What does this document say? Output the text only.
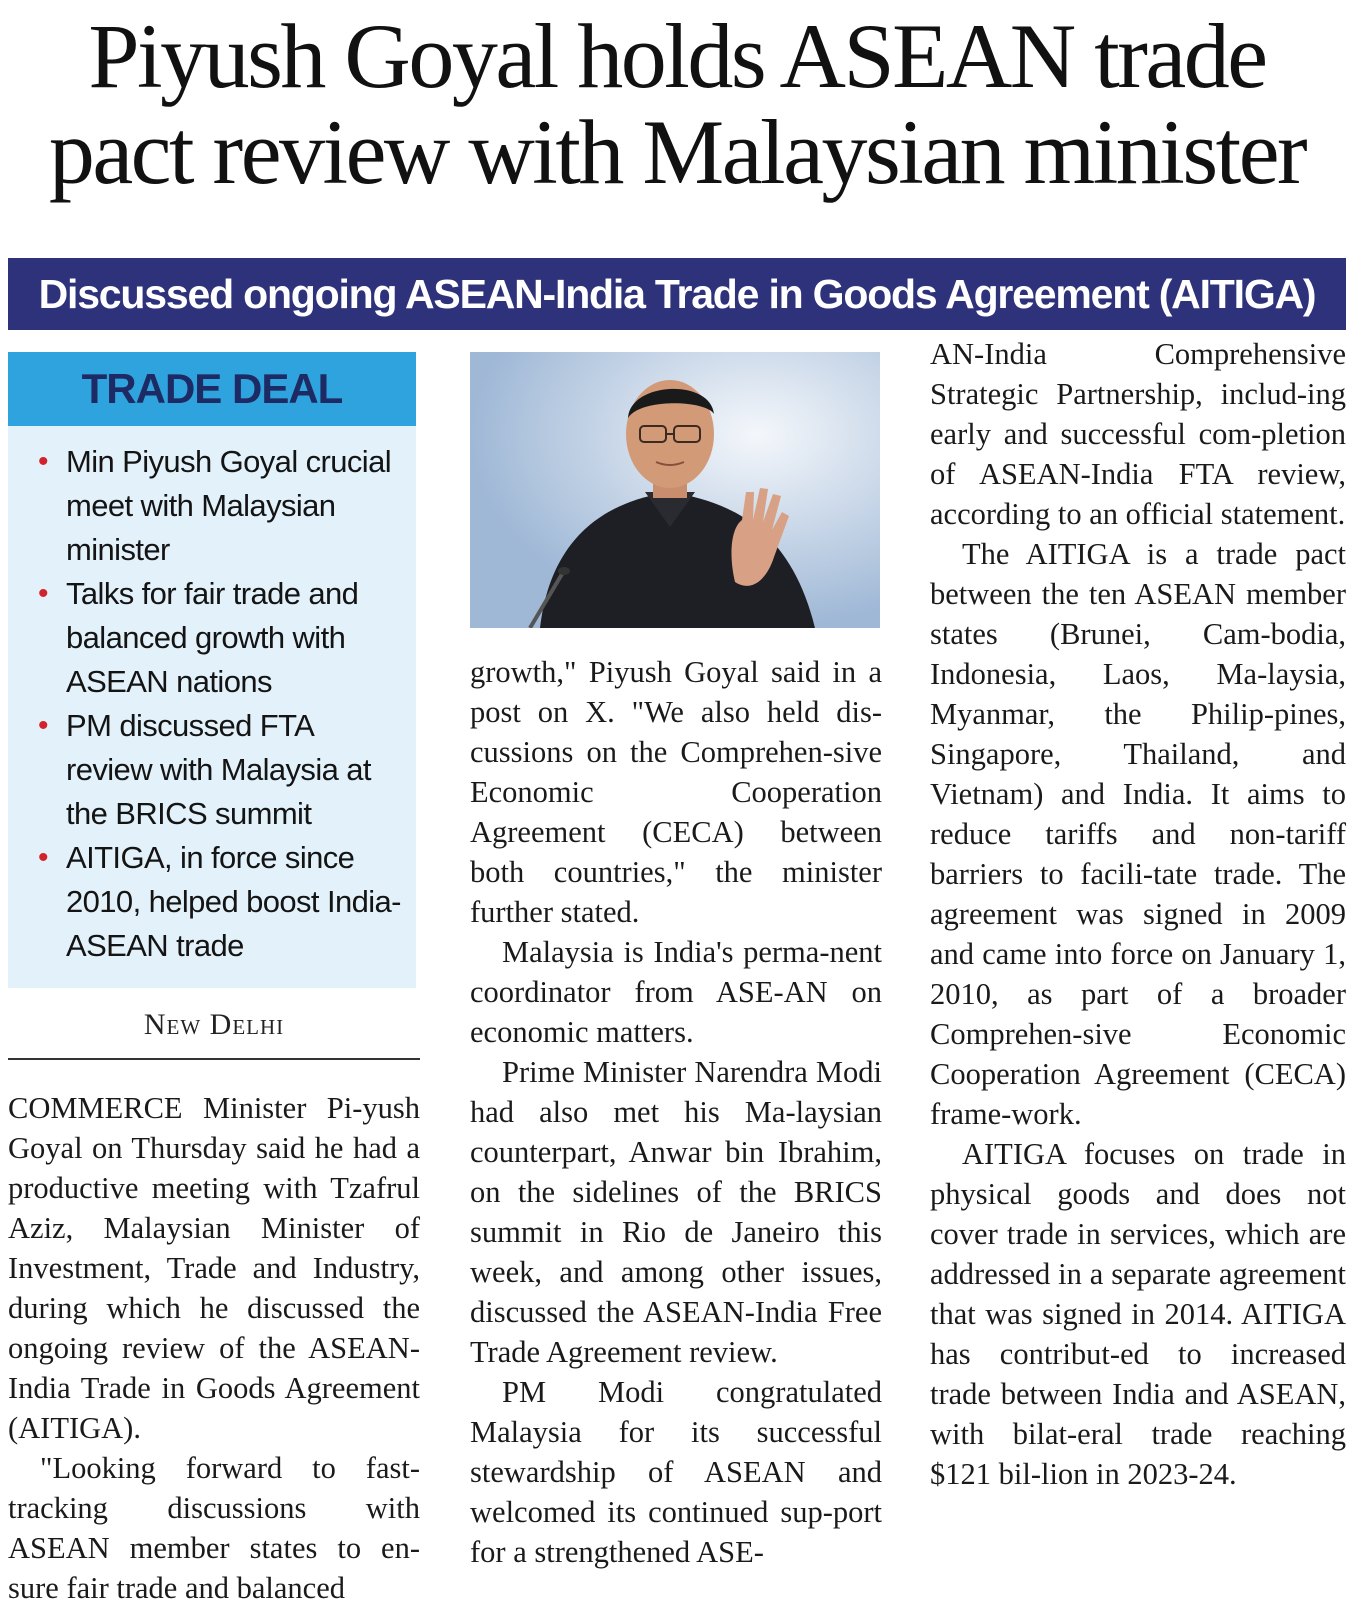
Piyush Goyal holds ASEAN trade
pact review with Malaysian minister
Discussed ongoing ASEAN-India Trade in Goods Agreement (AITIGA)
TRADE DEAL
• Min Piyush Goyal crucial meet with Malaysian minister
• Talks for fair trade and balanced growth with ASEAN nations
• PM discussed FTA review with Malaysia at the BRICS summit
• AITIGA, in force since 2010, helped boost India-ASEAN trade
New Delhi

COMMERCE Minister Pi-yush Goyal on Thursday said he had a productive meeting with Tzafrul Aziz, Malaysian Minister of Investment, Trade and Industry, during which he discussed the ongoing review of the ASEAN-India Trade in Goods Agreement (AITIGA).

"Looking forward to fast-tracking discussions with ASEAN member states to en-sure fair trade and balanced

growth," Piyush Goyal said in a post on X. "We also held dis-cussions on the Comprehen-sive Economic Cooperation Agreement (CECA) between both countries," the minister further stated.

Malaysia is India's perma-nent coordinator from ASE-AN on economic matters.

Prime Minister Narendra Modi had also met his Ma-laysian counterpart, Anwar bin Ibrahim, on the sidelines of the BRICS summit in Rio de Janeiro this week, and among other issues, discussed the ASEAN-India Free Trade Agreement review.

PM Modi congratulated Malaysia for its successful stewardship of ASEAN and welcomed its continued sup-port for a strengthened ASE-

AN-India Comprehensive Strategic Partnership, includ-ing early and successful com-pletion of ASEAN-India FTA review, according to an official statement.

The AITIGA is a trade pact between the ten ASEAN member states (Brunei, Cam-bodia, Indonesia, Laos, Ma-laysia, Myanmar, the Philip-pines, Singapore, Thailand, and Vietnam) and India. It aims to reduce tariffs and non-tariff barriers to facili-tate trade. The agreement was signed in 2009 and came into force on January 1, 2010, as part of a broader Comprehen-sive Economic Cooperation Agreement (CECA) frame-work.

AITIGA focuses on trade in physical goods and does not cover trade in services, which are addressed in a separate agreement that was signed in 2014. AITIGA has contribut-ed to increased trade between India and ASEAN, with bilat-eral trade reaching $121 bil-lion in 2023-24.
